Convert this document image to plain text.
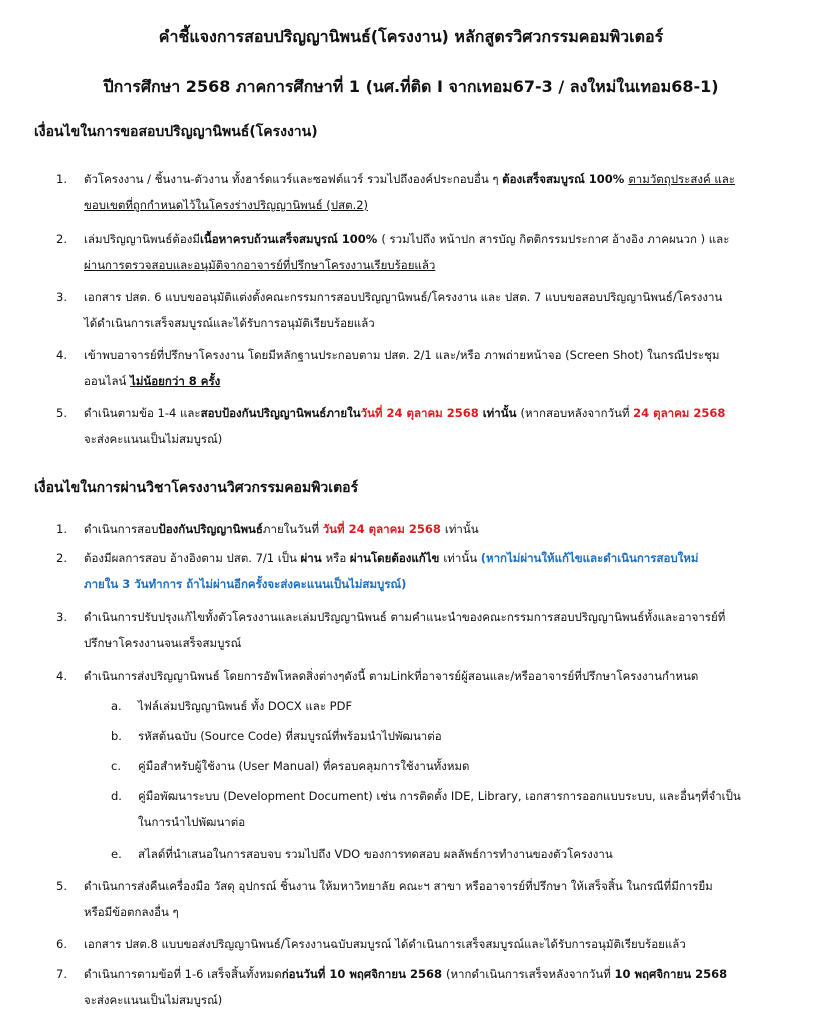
คำชี้แจงการสอบปริญญานิพนธ์(โครงงาน) หลักสูตรวิศวกรรมคอมพิวเตอร์
ปีการศึกษา 2568 ภาคการศึกษาที่ 1 (นศ.ที่ติด I จากเทอม67-3 / ลงใหม่ในเทอม68-1)
เงื่อนไขในการขอสอบปริญญานิพนธ์(โครงงาน)
1.	ตัวโครงงาน / ชิ้นงาน-ตัวงาน ทั้งฮาร์ดแวร์และซอฟต์แวร์ รวมไปถึงองค์ประกอบอื่น ๆ ต้องเสร็จสมบูรณ์ 100% ตามวัตถุประสงค์ และ
ขอบเขตที่ถูกกำหนดไว้ในโครงร่างปริญญานิพนธ์ (ปสต.2)
2.	เล่มปริญญานิพนธ์ต้องมีเนื้อหาครบถ้วนเสร็จสมบูรณ์ 100% ( รวมไปถึง หน้าปก สารบัญ กิตติกรรมประกาศ อ้างอิง ภาคผนวก ) และ
ผ่านการตรวจสอบและอนุมัติจากอาจารย์ที่ปรึกษาโครงงานเรียบร้อยแล้ว
3.	เอกสาร ปสต. 6 แบบขออนุมัติแต่งตั้งคณะกรรมการสอบปริญญานิพนธ์/โครงงาน และ ปสต. 7 แบบขอสอบปริญญานิพนธ์/โครงงาน
ได้ดำเนินการเสร็จสมบูรณ์และได้รับการอนุมัติเรียบร้อยแล้ว
4.	เข้าพบอาจารย์ที่ปรึกษาโครงงาน โดยมีหลักฐานประกอบตาม ปสต. 2/1 และ/หรือ ภาพถ่ายหน้าจอ (Screen Shot) ในกรณีประชุม
ออนไลน์ ไม่น้อยกว่า 8 ครั้ง
5.	ดำเนินตามข้อ 1-4 และสอบป้องกันปริญญานิพนธ์ภายในวันที่ 24 ตุลาคม 2568 เท่านั้น (หากสอบหลังจากวันที่ 24 ตุลาคม 2568
จะส่งคะแนนเป็นไม่สมบูรณ์)
เงื่อนไขในการผ่านวิชาโครงงานวิศวกรรมคอมพิวเตอร์
1.	ดำเนินการสอบป้องกันปริญญานิพนธ์ภายในวันที่ วันที่ 24 ตุลาคม 2568 เท่านั้น
2.	ต้องมีผลการสอบ อ้างอิงตาม ปสต. 7/1 เป็น ผ่าน หรือ ผ่านโดยต้องแก้ไข เท่านั้น (หากไม่ผ่านให้แก้ไขและดำเนินการสอบใหม่
ภายใน 3 วันทำการ ถ้าไม่ผ่านอีกครั้งจะส่งคะแนนเป็นไม่สมบูรณ์)
3.	ดำเนินการปรับปรุงแก้ไขทั้งตัวโครงงานและเล่มปริญญานิพนธ์ ตามคำแนะนำของคณะกรรมการสอบปริญญานิพนธ์ทั้งและอาจารย์ที่
ปรึกษาโครงงานจนเสร็จสมบูรณ์
4.	ดำเนินการส่งปริญญานิพนธ์ โดยการอัพโหลดสิ่งต่างๆดังนี้ ตามLinkที่อาจารย์ผู้สอนและ/หรืออาจารย์ที่ปรึกษาโครงงานกำหนด
a.	ไฟล์เล่มปริญญานิพนธ์ ทั้ง DOCX และ PDF
b.	รหัสต้นฉบับ (Source Code) ที่สมบูรณ์ที่พร้อมนำไปพัฒนาต่อ
c.	คู่มือสำหรับผู้ใช้งาน (User Manual) ที่ครอบคลุมการใช้งานทั้งหมด
d.	คู่มือพัฒนาระบบ (Development Document) เช่น การติดตั้ง IDE, Library, เอกสารการออกแบบระบบ, และอื่นๆที่จำเป็น
ในการนำไปพัฒนาต่อ
e.	สไลด์ที่นำเสนอในการสอบจบ รวมไปถึง VDO ของการทดสอบ ผลลัพธ์การทำงานของตัวโครงงาน
5.	ดำเนินการส่งคืนเครื่องมือ วัสดุ อุปกรณ์ ชิ้นงาน ให้มหาวิทยาลัย คณะฯ สาขา หรืออาจารย์ที่ปรึกษา ให้เสร็จสิ้น ในกรณีที่มีการยืม
หรือมีข้อตกลงอื่น ๆ
6.	เอกสาร ปสต.8 แบบขอส่งปริญญานิพนธ์/โครงงานฉบับสมบูรณ์ ได้ดำเนินการเสร็จสมบูรณ์และได้รับการอนุมัติเรียบร้อยแล้ว
7.	ดำเนินการตามข้อที่ 1-6 เสร็จสิ้นทั้งหมดก่อนวันที่ 10 พฤศจิกายน 2568 (หากดำเนินการเสร็จหลังจากวันที่ 10 พฤศจิกายน 2568
จะส่งคะแนนเป็นไม่สมบูรณ์)
